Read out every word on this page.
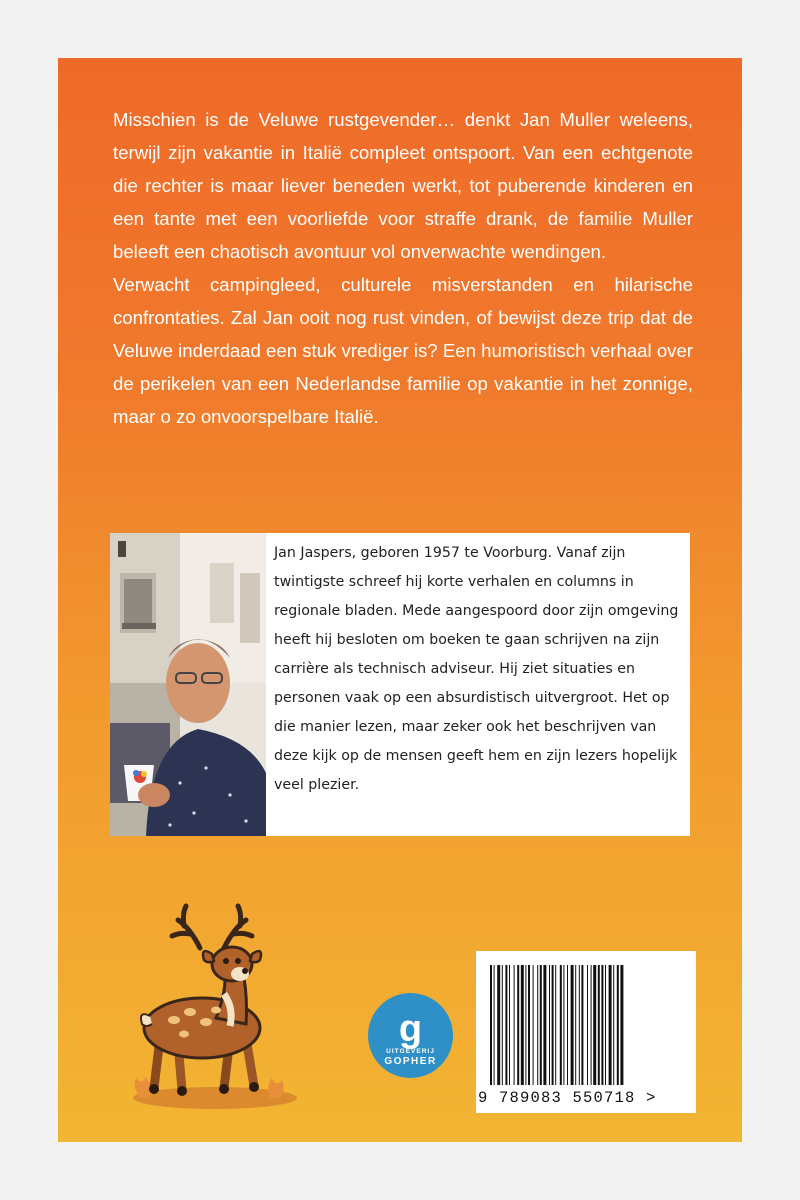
Misschien is de Veluwe rustgevender… denkt Jan Muller weleens, terwijl zijn vakantie in Italië compleet ontspoort. Van een echtgenote die rechter is maar liever beneden werkt, tot puberende kinderen en een tante met een voorliefde voor straffe drank, de familie Muller beleeft een chaotisch avontuur vol onverwachte wendingen.

Verwacht campingleed, culturele misverstanden en hilarische confrontaties. Zal Jan ooit nog rust vinden, of bewijst deze trip dat de Veluwe inderdaad een stuk vrediger is? Een humoristisch verhaal over de perikelen van een Nederlandse familie op vakantie in het zonnige, maar o zo onvoorspelbare Italië.

Jan Jaspers, geboren 1957 te Voorburg. Vanaf zijn twintigste schreef hij korte verhalen en columns in regionale bladen. Mede aangespoord door zijn omgeving heeft hij besloten om boeken te gaan schrijven na zijn carrière als technisch adviseur. Hij ziet situaties en personen vaak op een absurdistisch uitvergroot. Het op die manier lezen, maar zeker ook het beschrijven van deze kijk op de mensen geeft hem en zijn lezers hopelijk veel plezier.

g
UITGEVERIJ
GOPHER
9 789083 550718 >
